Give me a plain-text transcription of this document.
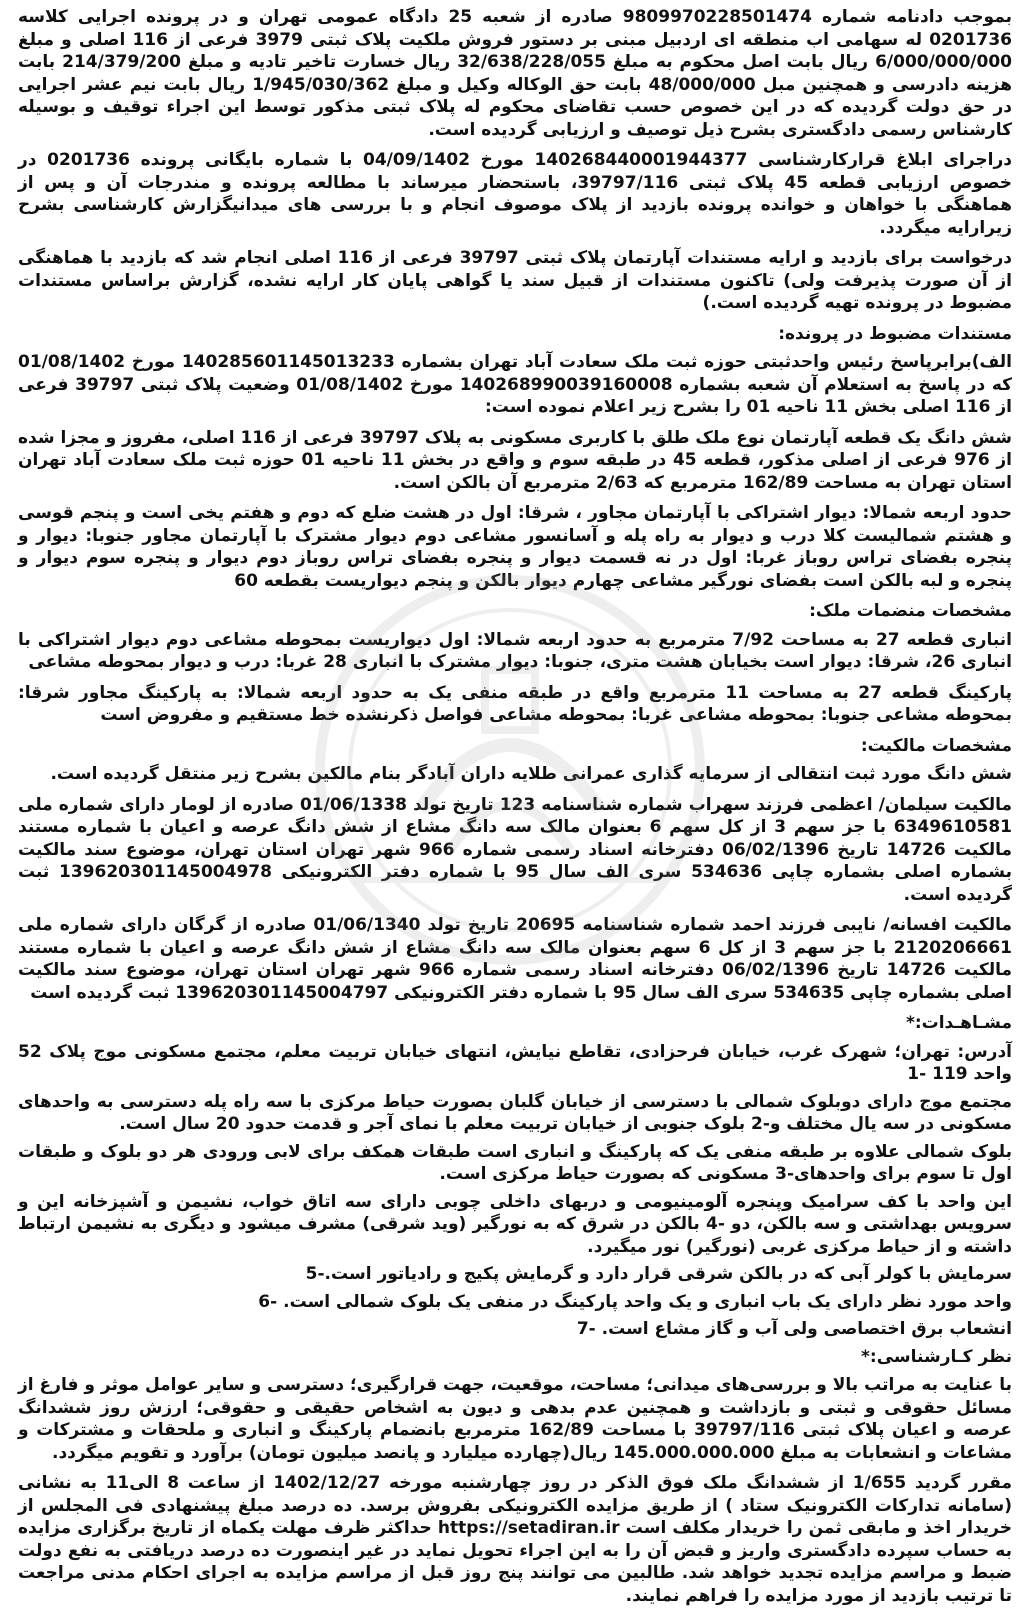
بموجب دادنامه شماره 9809970228501474 صادره از شعبه 25 دادگاه عمومی تهران و در پرونده اجرایی کلاسه 0201736 له سهامی اب منطقه ای اردبیل مبنی بر دستور فروش ملکیت پلاک ثبتی 3979 فرعی از 116 اصلی و مبلغ 6/000/000/000 ریال بابت اصل محکوم به مبلغ 32/638/228/055 ریال خسارت تاخیر تادیه و مبلغ 214/379/200 بابت هزینه دادرسی و همچنین مبل 48/000/000 بابت حق الوکاله وکیل و مبلغ 1/945/030/362 ریال بابت نیم عشر اجرایی در حق دولت گردیده که در این خصوص حسب تقاضای محکوم له پلاک ثبتی مذکور توسط این اجراء توقیف و بوسیله کارشناس رسمی دادگستری بشرح ذیل توصیف و ارزیابی گردیده است.

دراجرای ابلاغ قرارکارشناسی 140268440001944377 مورخ 04/09/1402 با شماره بایگانی پرونده 0201736 در خصوص ارزیابی قطعه 45 پلاک ثبتی 39797/116، باستحضار میرساند با مطالعه پرونده و مندرجات آن و پس از هماهنگی با خواهان و خوانده پرونده بازدید از پلاک موصوف انجام و با بررسی های میدانیگزارش کارشناسی بشرح زیرارایه میگردد.

درخواست برای بازدید و ارایه مستندات آپارتمان پلاک ثبتی 39797 فرعی از 116 اصلی انجام شد که بازدید با هماهنگی از آن صورت پذیرفت ولی) تاکنون مستندات از قبیل سند یا گواهی پایان کار ارایه نشده، گزارش براساس مستندات مضبوط در پرونده تهیه گردیده است.)

مستندات مضبوط در پرونده:

الف)برابرپاسخ رئیس واحدثبتی حوزه ثبت ملک سعادت آباد تهران بشماره 140285601145013233 مورخ 01/08/1402 که در پاسخ به استعلام آن شعبه بشماره 140268990039160008 مورخ 01/08/1402 وضعیت پلاک ثبتی 39797 فرعی از 116 اصلی بخش 11 ناحیه 01 را بشرح زیر اعلام نموده است:

شش دانگ یک قطعه آپارتمان نوع ملک طلق با کاربری مسکونی به پلاک 39797 فرعی از 116 اصلی، مفروز و مجزا شده از 976 فرعی از اصلی مذکور، قطعه 45 در طبقه سوم و واقع در بخش 11 ناحیه 01 حوزه ثبت ملک سعادت آباد تهران استان تهران به مساحت 162/89 مترمربع که 2/63 مترمربع آن بالکن است.

حدود اربعه شمالا: دیوار اشتراکی با آپارتمان مجاور ، شرقا: اول در هشت ضلع که دوم و هفتم یخی است و پنجم قوسی و هشتم شمالیست کلا درب و دیوار به راه پله و آسانسور مشاعی دوم دیوار مشترک با آپارتمان مجاور جنوبا: دیوار و پنجره بفضای تراس روباز غربا: اول در نه قسمت دیوار و پنجره بفضای تراس روباز دوم دیوار و پنجره سوم دیوار و پنجره و لبه بالکن است بفضای نورگیر مشاعی چهارم دیوار بالکن و پنجم دیواریست بقطعه 60

مشخصات منضمات ملک:

انباری قطعه 27 به مساحت 7/92 مترمربع به حدود اربعه شمالا: اول دیواریست بمحوطه مشاعی دوم دیوار اشتراکی با انباری 26، شرقا: دیوار است بخیابان هشت متری، جنوبا: دیوار مشترک با انباری 28 غربا: درب و دیوار بمحوطه مشاعی

پارکینگ قطعه 27 به مساحت 11 مترمربع واقع در طبقه منفی یک به حدود اربعه شمالا: به پارکینگ مجاور شرقا: بمحوطه مشاعی جنوبا: بمحوطه مشاعی غربا: بمحوطه مشاعی فواصل ذکرنشده خط مستقیم و مفروض است

مشخصات مالکیت:

شش دانگ مورد ثبت انتقالی از سرمایه گذاری عمرانی طلایه داران آبادگر بنام مالکین بشرح زیر منتقل گردیده است.

مالکیت سیلمان/ اعظمی فرزند سهراب شماره شناسنامه 123 تاریخ تولد 01/06/1338 صادره از لومار دارای شماره ملی 6349610581 با جز سهم 3 از کل سهم 6 بعنوان مالک سه دانگ مشاع از شش دانگ عرصه و اعیان با شماره مستند مالکیت 14726 تاریخ 06/02/1396 دفترخانه اسناد رسمی شماره 966 شهر تهران استان تهران، موضوع سند مالکیت بشماره اصلی بشماره چاپی 534636 سری الف سال 95 با شماره دفتر الکترونیکی 139620301145004978 ثبت گردیده است.

مالکیت افسانه/ نایبی فرزند احمد شماره شناسنامه 20695 تاریخ تولد 01/06/1340 صادره از گرگان دارای شماره ملی 2120206661 با جز سهم 3 از کل 6 سهم بعنوان مالک سه دانگ مشاع از شش دانگ عرصه و اعیان با شماره مستند مالکیت 14726 تاریخ 06/02/1396 دفترخانه اسناد رسمی شماره 966 شهر تهران استان تهران، موضوع سند مالکیت اصلی بشماره چاپی 534635 سری الف سال 95 با شماره دفتر الکترونیکی 139620301145004797 ثبت گردیده است

مشـاهـدات:*

آدرس: تهران؛ شهرک غرب، خیابان فرحزادی، تقاطع نیایش، انتهای خیابان تربیت معلم، مجتمع مسکونی موج پلاک 52 واحد 119 -1

مجتمع موج دارای دوبلوک شمالی با دسترسی از خیابان گلبان بصورت حیاط مرکزی با سه راه پله دسترسی به واحدهای مسکونی در سه یال مختلف و-2 بلوک جنوبی از خیابان تربیت معلم با نمای آجر و قدمت حدود 20 سال است.

بلوک شمالی علاوه بر طبقه منفی یک که پارکینگ و انباری است طبقات همکف برای لابی ورودی هر دو بلوک و طبقات اول تا سوم برای واحدهای-3 مسکونی که بصورت حیاط مرکزی است.

این واحد با کف سرامیک وپنجره آلومینیومی و دربهای داخلی چوبی دارای سه اتاق خواب، نشیمن و آشپزخانه این و سرویس بهداشتی و سه بالکن، دو -4 بالکن در شرق که به نورگیر (وید شرقی) مشرف میشود و دیگری به نشیمن ارتباط داشته و از حیاط مرکزی غربی (نورگیر) نور میگیرد.

سرمایش با کولر آبی که در بالکن شرقی قرار دارد و گرمایش پکیج و رادیاتور است.-5

واحد مورد نظر دارای یک باب انباری و یک واحد پارکینگ در منفی یک بلوک شمالی است. -6

انشعاب برق اختصاصی ولی آب و گاز مشاع است. -7

نظر کـارشناسی:*

با عنایت به مراتب بالا و بررسی‌های میدانی؛ مساحت، موقعیت، جهت قرارگیری؛ دسترسی و سایر عوامل موثر و فارغ از مسائل حقوقی و ثبتی و بازداشت و همچنین عدم بدهی و دیون به اشخاص حقیقی و حقوقی؛ ارزش روز ششدانگ عرصه و اعیان پلاک ثبتی 39797/116 با مساحت 162/89 مترمربع بانضمام پارکینگ و انباری و ملحقات و مشترکات و مشاعات و انشعابات به مبلغ 145.000.000.000 ریال(چهارده میلیارد و پانصد میلیون تومان) برآورد و تقویم میگردد.

مقرر گردید 1/655 از ششدانگ ملک فوق الذکر در روز چهارشنبه مورخه 1402/12/27 از ساعت 8 الی11 به نشانی (سامانه تدارکات الکترونیک ستاد ) از طریق مزایده الکترونیکی بفروش برسد. ده درصد مبلغ پیشنهادی فی المجلس از خریدار اخذ و مابقی ثمن را خریدار مکلف است https://setadiran.ir حداکثر ظرف مهلت یکماه از تاریخ برگزاری مزایده به حساب سپرده دادگستری واریز و قبض آن را به این اجراء تحویل نماید در غیر اینصورت ده درصد دریافتی به نفع دولت ضبط و مراسم مزایده تجدید خواهد شد. طالبین می توانند پنج روز قبل از مراسم مزایده به اجرای احکام مدنی مراجعت تا ترتیب بازدید از مورد مزایده را فراهم نمایند.
